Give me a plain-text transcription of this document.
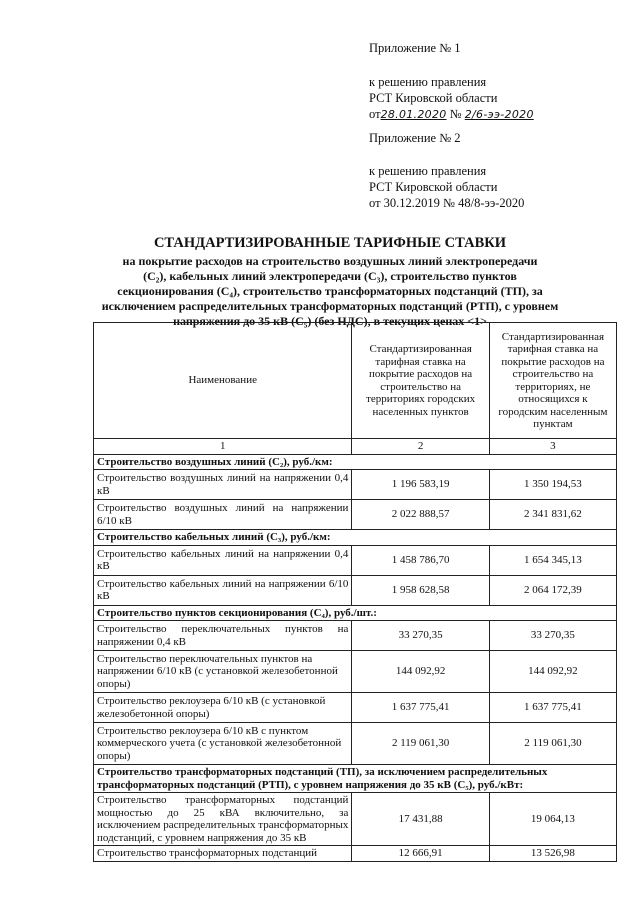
Приложение № 1
к решению правления
РСТ Кировской области
от28.01.2020 № 2/6-ээ-2020
Приложение № 2
к решению правления
РСТ Кировской области
от 30.12.2019 № 48/8-ээ-2020
СТАНДАРТИЗИРОВАННЫЕ ТАРИФНЫЕ СТАВКИ
на покрытие расходов на строительство воздушных линий электропередачи
(C₂), кабельных линий электропередачи (C₃), строительство пунктов
секционирования (C₄), строительство трансформаторных подстанций (ТП), за
исключением распределительных трансформаторных подстанций (РТП), с уровнем
напряжения до 35 кВ (C₅) (без НДС), в текущих ценах <1>
Наименование	Стандартизированная тарифная ставка на покрытие расходов на строительство на территориях городских населенных пунктов	Стандартизированная тарифная ставка на покрытие расходов на строительство на территориях, не относящихся к городским населенным пунктам
1	2	3
Строительство воздушных линий (C₂), руб./км:		
Строительство воздушных линий на напряжении 0,4 кВ	1 196 583,19	1 350 194,53
Строительство воздушных линий на напряжении 6/10 кВ	2 022 888,57	2 341 831,62
Строительство кабельных линий (C₃), руб./км:		
Строительство кабельных линий на напряжении 0,4 кВ	1 458 786,70	1 654 345,13
Строительство кабельных линий на напряжении 6/10 кВ	1 958 628,58	2 064 172,39
Строительство пунктов секционирования (C₄), руб./шт.:		
Строительство переключательных пунктов на напряжении 0,4 кВ	33 270,35	33 270,35
Строительство переключательных пунктов на напряжении 6/10 кВ (с установкой железобетонной опоры)	144 092,92	144 092,92
Строительство реклоузера 6/10 кВ (с установкой железобетонной опоры)	1 637 775,41	1 637 775,41
Строительство реклоузера 6/10 кВ с пунктом коммерческого учета (с установкой железобетонной опоры)	2 119 061,30	2 119 061,30
Строительство трансформаторных подстанций (ТП), за исключением распределительных трансформаторных подстанций (РТП), с уровнем напряжения до 35 кВ (C₅), руб./кВт:		
Строительство трансформаторных подстанций мощностью до 25 кВА включительно, за исключением распределительных трансформаторных подстанций, с уровнем напряжения до 35 кВ	17 431,88	19 064,13
Строительство трансформаторных подстанций	12 666,91	13 526,98
